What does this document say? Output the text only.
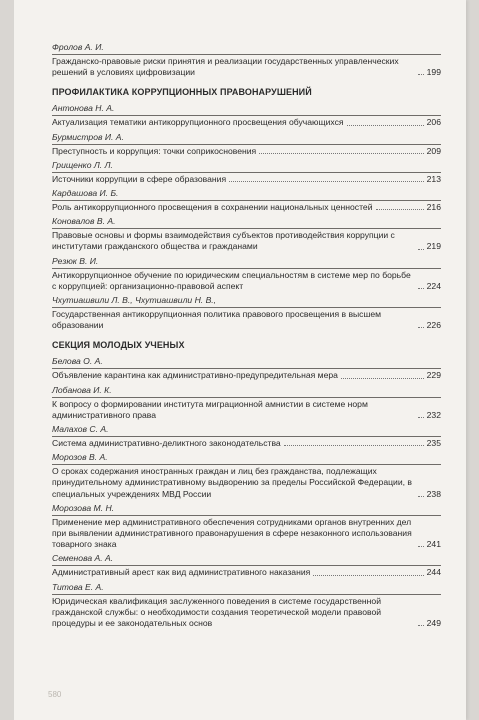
Фролов А. И.
Гражданско-правовые риски принятия и реализации государственных управленческих решений в условиях цифровизации	199
ПРОФИЛАКТИКА КОРРУПЦИОННЫХ ПРАВОНАРУШЕНИЙ
Антонова Н. А.
Актуализация тематики антикоррупционного просвещения обучающихся	206
Бурмистров И. А.
Преступность и коррупция: точки соприкосновения	209
Грищенко Л. Л.
Источники коррупции в сфере образования	213
Кардашова И. Б.
Роль антикоррупционного просвещения в сохранении национальных ценностей	216
Коновалов В. А.
Правовые основы и формы взаимодействия субъектов противодействия коррупции с институтами гражданского общества и гражданами	219
Резюк В. И.
Антикоррупционное обучение по юридическим специальностям в системе мер по борьбе с коррупцией: организационно-правовой аспект	224
Чхутиашвили Л. В., Чхутиашвили Н. В.,
Государственная антикоррупционная политика правового просвещения в высшем образовании	226
СЕКЦИЯ МОЛОДЫХ УЧЕНЫХ
Белова О. А.
Объявление карантина как административно-предупредительная мера	229
Лобанова И. К.
К вопросу о формировании института миграционной амнистии в системе норм административного права	232
Малахов С. А.
Система административно-деликтного законодательства	235
Морозов В. А.
О сроках содержания иностранных граждан и лиц без гражданства, подлежащих принудительному административному выдворению за пределы Российской Федерации, в специальных учреждениях МВД России	238
Морозова М. Н.
Применение мер административного обеспечения сотрудниками органов внутренних дел при выявлении административного правонарушения в сфере незаконного использования товарного знака	241
Семенова А. А.
Административный арест как вид административного наказания	244
Титова Е. А.
Юридическая квалификация заслуженного поведения в системе государственной гражданской службы: о необходимости создания теоретической модели правовой процедуры и ее законодательных основ	249
580
